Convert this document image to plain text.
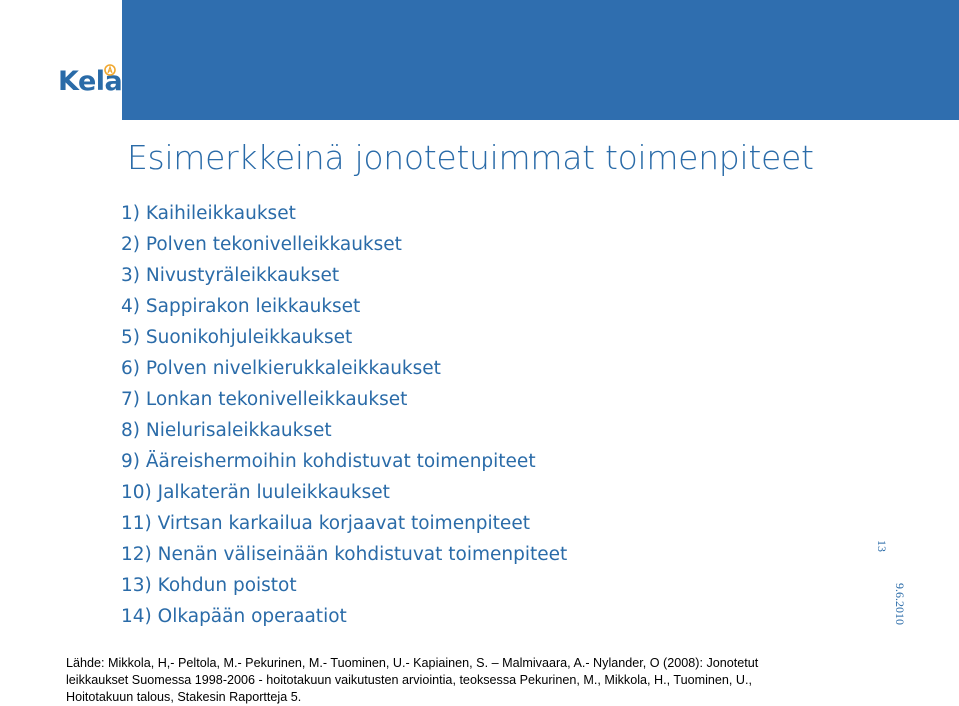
Kela
Esimerkkeinä jonotetuimmat toimenpiteet
1) Kaihileikkaukset
2) Polven tekonivelleikkaukset
3) Nivustyräleikkaukset
4) Sappirakon leikkaukset
5) Suonikohjuleikkaukset
6) Polven nivelkierukkaleikkaukset
7) Lonkan tekonivelleikkaukset
8) Nielurisaleikkaukset
9) Ääreishermoihin kohdistuvat toimenpiteet
10) Jalkaterän luuleikkaukset
11) Virtsan karkailua korjaavat toimenpiteet
12) Nenän väliseinään kohdistuvat toimenpiteet
13) Kohdun poistot
14) Olkapään operaatiot
13
9.6.2010

Lähde: Mikkola, H,- Peltola, M.- Pekurinen, M.- Tuominen, U.- Kapiainen, S. – Malmivaara, A.- Nylander, O (2008): Jonotetut

leikkaukset Suomessa 1998-2006 - hoitotakuun vaikutusten arviointia, teoksessa Pekurinen, M., Mikkola, H., Tuominen, U.,

Hoitotakuun talous, Stakesin Raportteja 5.
